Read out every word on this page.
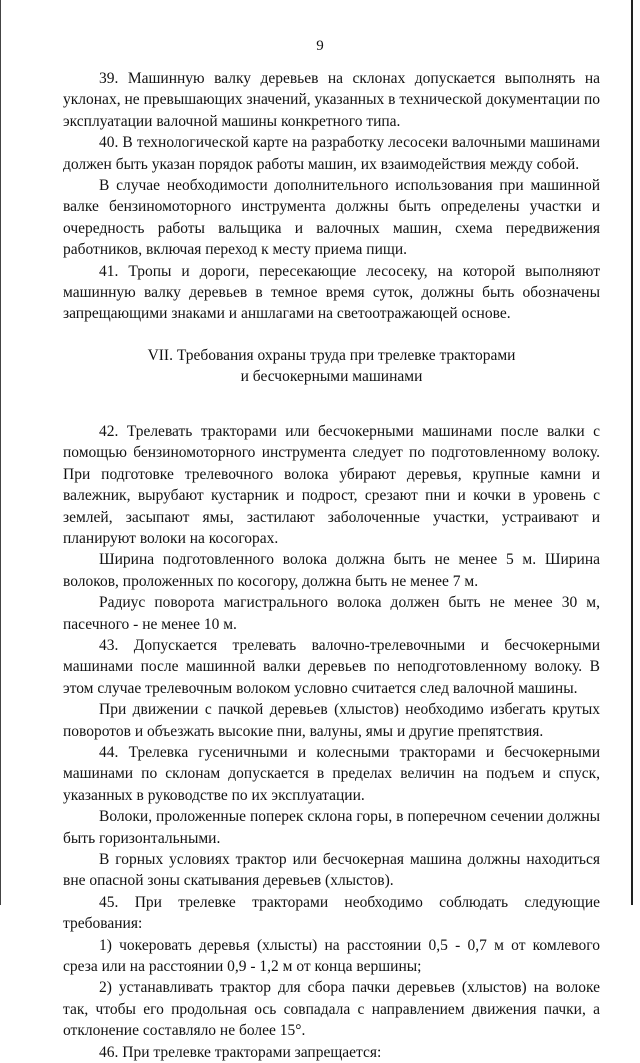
9

39. Машинную валку деревьев на склонах допускается выполнять на уклонах, не превышающих значений, указанных в технической документации по эксплуатации валочной машины конкретного типа.

40. В технологической карте на разработку лесосеки валочными машинами должен быть указан порядок работы машин, их взаимодействия между собой.

В случае необходимости дополнительного использования при машинной валке бензиномоторного инструмента должны быть определены участки и очередность работы вальщика и валочных машин, схема передвижения работников, включая переход к месту приема пищи.

41. Тропы и дороги, пересекающие лесосеку, на которой выполняют машинную валку деревьев в темное время суток, должны быть обозначены запрещающими знаками и аншлагами на светоотражающей основе.

VII. Требования охраны труда при трелевке тракторами
и бесчокерными машинами

42. Трелевать тракторами или бесчокерными машинами после валки с помощью бензиномоторного инструмента следует по подготовленному волоку. При подготовке трелевочного волока убирают деревья, крупные камни и валежник, вырубают кустарник и подрост, срезают пни и кочки в уровень с землей, засыпают ямы, застилают заболоченные участки, устраивают и планируют волоки на косогорах.

Ширина подготовленного волока должна быть не менее 5 м. Ширина волоков, проложенных по косогору, должна быть не менее 7 м.

Радиус поворота магистрального волока должен быть не менее 30 м, пасечного - не менее 10 м.

43. Допускается трелевать валочно-трелевочными и бесчокерными машинами после машинной валки деревьев по неподготовленному волоку. В этом случае трелевочным волоком условно считается след валочной машины.

При движении с пачкой деревьев (хлыстов) необходимо избегать крутых поворотов и объезжать высокие пни, валуны, ямы и другие препятствия.

44. Трелевка гусеничными и колесными тракторами и бесчокерными машинами по склонам допускается в пределах величин на подъем и спуск, указанных в руководстве по их эксплуатации.

Волоки, проложенные поперек склона горы, в поперечном сечении должны быть горизонтальными.

В горных условиях трактор или бесчокерная машина должны находиться вне опасной зоны скатывания деревьев (хлыстов).

45. При трелевке тракторами необходимо соблюдать следующие требования:

1) чокеровать деревья (хлысты) на расстоянии 0,5 - 0,7 м от комлевого среза или на расстоянии 0,9 - 1,2 м от конца вершины;

2) устанавливать трактор для сбора пачки деревьев (хлыстов) на волоке так, чтобы его продольная ось совпадала с направлением движения пачки, а отклонение составляло не более 15°.

46. При трелевке тракторами запрещается:
